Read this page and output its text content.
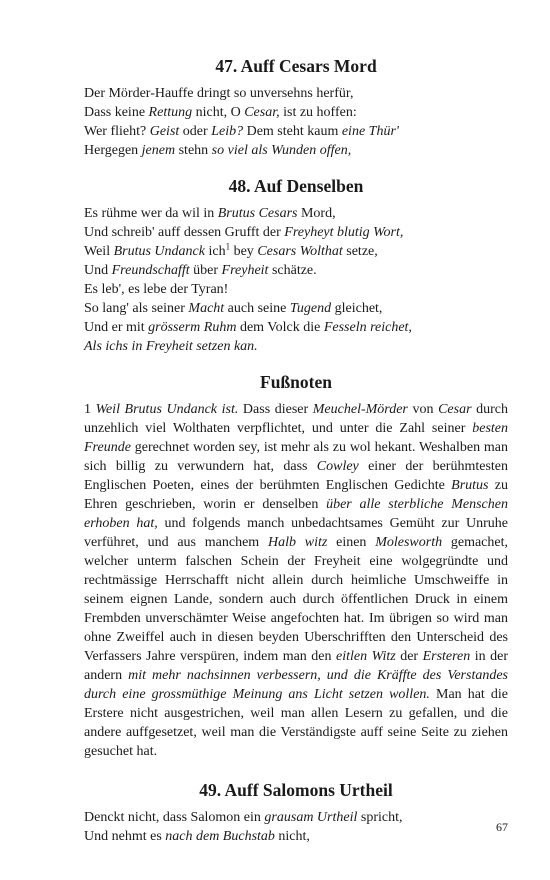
47. Auff Cesars Mord
Der Mörder-Hauffe dringt so unversehns herfür,
Dass keine Rettung nicht, O Cesar, ist zu hoffen:
Wer flieht? Geist oder Leib? Dem steht kaum eine Thür'
Hergegen jenem stehn so viel als Wunden offen,
48. Auf Denselben
Es rühme wer da wil in Brutus Cesars Mord,
Und schreib' auff dessen Grufft der Freyheyt blutig Wort,
Weil Brutus Undanck ich$^1$ bey Cesars Wolthat setze,
Und Freundschafft über Freyheit schätze.
Es leb', es lebe der Tyran!
So lang' als seiner Macht auch seine Tugend gleichet,
Und er mit grösserm Ruhm dem Volck die Fesseln reichet,
Als ichs in Freyheit setzen kan.
Fußnoten

1 Weil Brutus Undanck ist. Dass dieser Meuchel-Mörder von Cesar durch unzehlich viel Wolthaten verpflichtet, und unter die Zahl seiner besten Freunde gerechnet worden sey, ist mehr als zu wol hekant. Weshalben man sich billig zu verwundern hat, dass Cowley einer der berühmtesten Englischen Poeten, eines der berühmten Englischen Gedichte Brutus zu Ehren geschrieben, worin er denselben über alle sterbliche Menschen erhoben hat, und folgends manch unbedachtsames Gemüht zur Unruhe verführet, und aus manchem Halb witz einen Molesworth gemachet, welcher unterm falschen Schein der Freyheit eine wolgegründte und rechtmässige Herrschafft nicht allein durch heimliche Umschweiffe in seinem eignen Lande, sondern auch durch öffentlichen Druck in einem Frembden unverschämter Weise angefochten hat. Im übrigen so wird man ohne Zweiffel auch in diesen beyden Uberschrifften den Unterscheid des Verfassers Jahre verspüren, indem man den eitlen Witz der Ersteren in der andern mit mehr nachsinnen verbessern, und die Kräffte des Verstandes durch eine grossmüthige Meinung ans Licht setzen wollen. Man hat die Erstere nicht ausgestrichen, weil man allen Lesern zu gefallen, und die andere auffgesetzet, weil man die Verständigste auff seine Seite zu ziehen gesuchet hat.

49. Auff Salomons Urtheil
Denckt nicht, dass Salomon ein grausam Urtheil spricht,
Und nehmt es nach dem Buchstab nicht,
67
